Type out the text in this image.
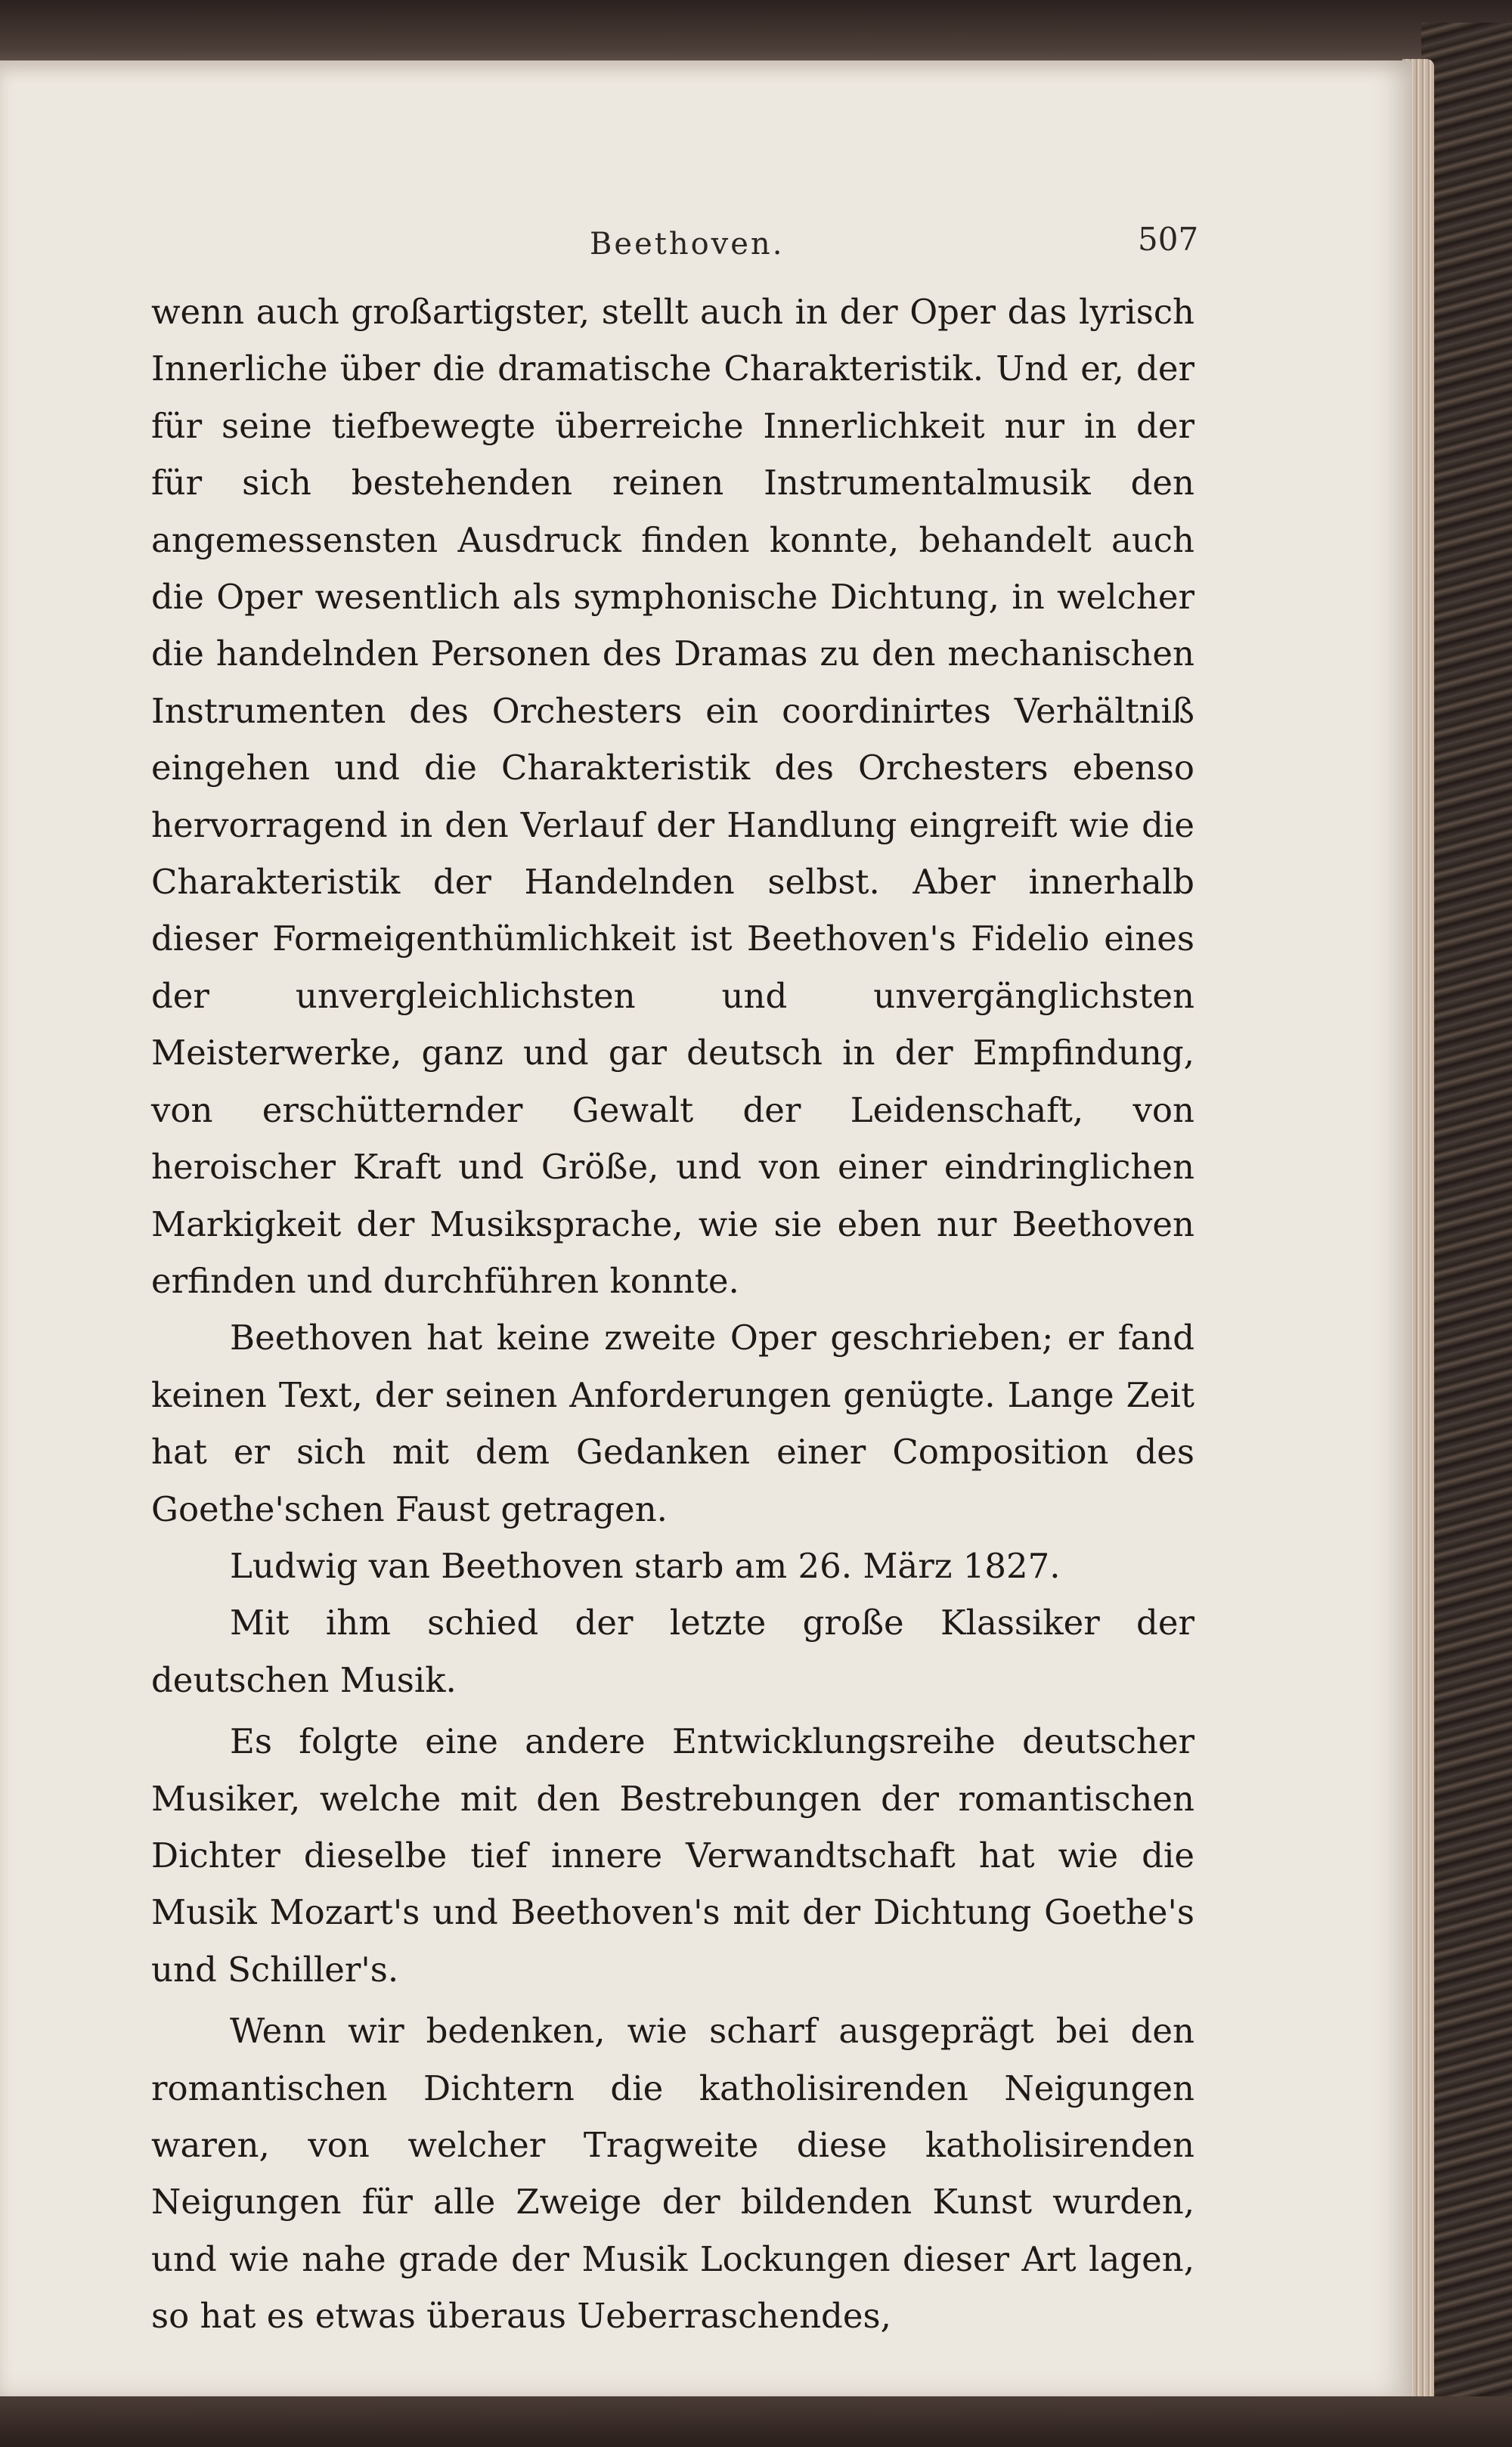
Beethoven.	507

wenn auch großartigster, stellt auch in der Oper das lyrisch Innerliche über die dramatische Charakteristik. Und er, der für seine tiefbewegte überreiche Innerlichkeit nur in der für sich bestehenden reinen Instrumentalmusik den angemessensten Ausdruck finden konnte, behandelt auch die Oper wesentlich als symphonische Dichtung, in welcher die handelnden Personen des Dramas zu den mechanischen Instrumenten des Orchesters ein coordinirtes Verhältniß eingehen und die Charakteristik des Orchesters ebenso hervorragend in den Verlauf der Handlung eingreift wie die Charakteristik der Handelnden selbst. Aber innerhalb dieser Formeigenthümlichkeit ist Beethoven's Fidelio eines der unvergleichlichsten und unvergänglichsten Meisterwerke, ganz und gar deutsch in der Empfindung, von erschütternder Gewalt der Leidenschaft, von heroischer Kraft und Größe, und von einer eindringlichen Markigkeit der Musiksprache, wie sie eben nur Beethoven erfinden und durchführen konnte.

Beethoven hat keine zweite Oper geschrieben; er fand keinen Text, der seinen Anforderungen genügte. Lange Zeit hat er sich mit dem Gedanken einer Composition des Goethe'schen Faust getragen.

Ludwig van Beethoven starb am 26. März 1827.

Mit ihm schied der letzte große Klassiker der deutschen Musik.

Es folgte eine andere Entwicklungsreihe deutscher Musiker, welche mit den Bestrebungen der romantischen Dichter dieselbe tief innere Verwandtschaft hat wie die Musik Mozart's und Beethoven's mit der Dichtung Goethe's und Schiller's.

Wenn wir bedenken, wie scharf ausgeprägt bei den romantischen Dichtern die katholisirenden Neigungen waren, von welcher Tragweite diese katholisirenden Neigungen für alle Zweige der bildenden Kunst wurden, und wie nahe grade der Musik Lockungen dieser Art lagen, so hat es etwas überaus Ueberraschendes,
